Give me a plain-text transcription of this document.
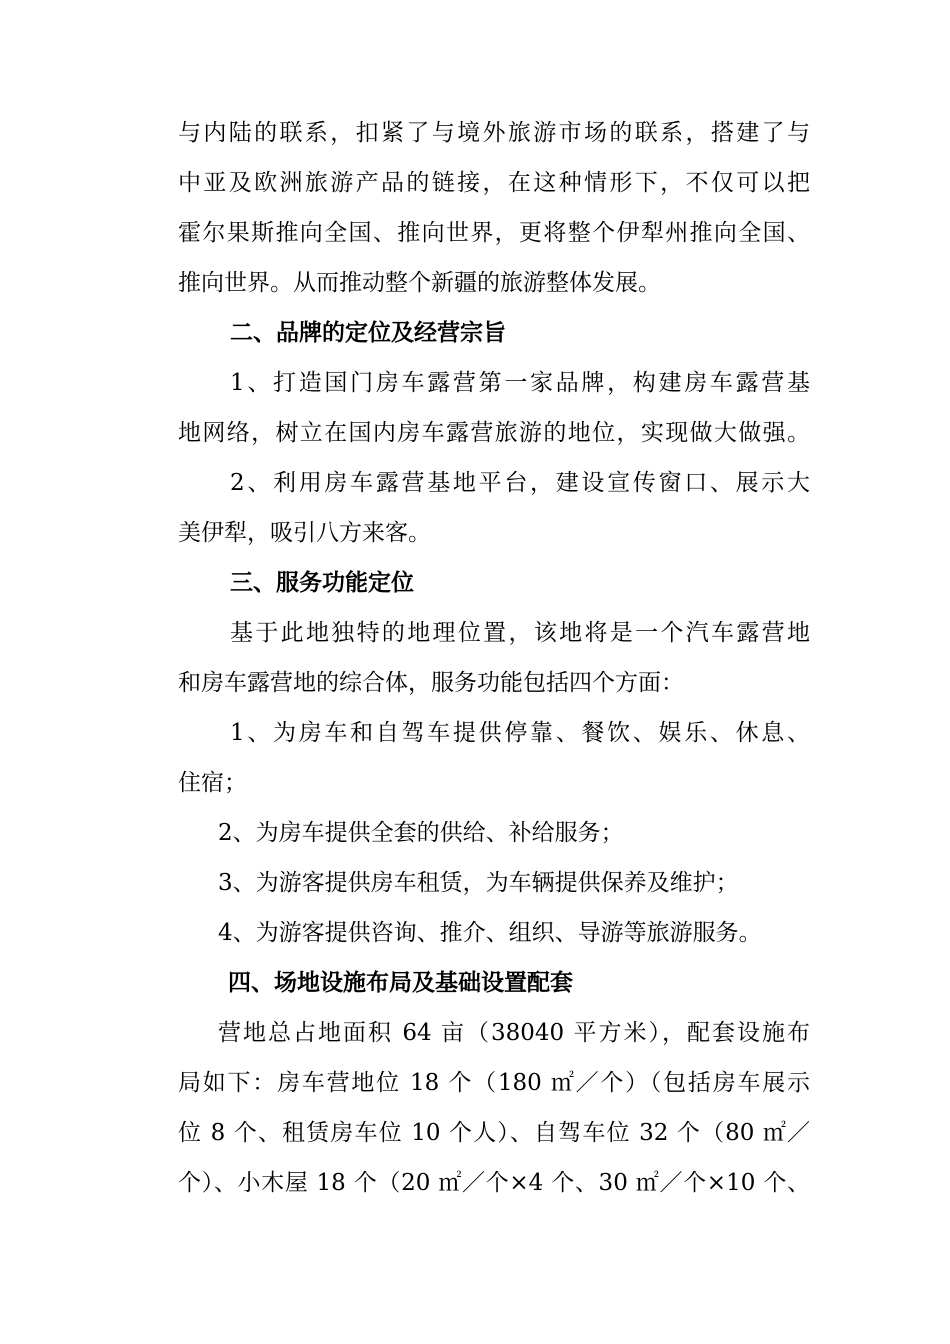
与内陆的联系，扣紧了与境外旅游市场的联系，搭建了与
中亚及欧洲旅游产品的链接，在这种情形下，不仅可以把
霍尔果斯推向全国、推向世界，更将整个伊犁州推向全国、
推向世界。从而推动整个新疆的旅游整体发展。
二、品牌的定位及经营宗旨
1、打造国门房车露营第一家品牌，构建房车露营基
地网络，树立在国内房车露营旅游的地位，实现做大做强。
2、利用房车露营基地平台，建设宣传窗口、展示大
美伊犁，吸引八方来客。
三、服务功能定位
基于此地独特的地理位置，该地将是一个汽车露营地
和房车露营地的综合体，服务功能包括四个方面：
1、为房车和自驾车提供停靠、餐饮、娱乐、休息、
住宿；
2、为房车提供全套的供给、补给服务；
3、为游客提供房车租赁，为车辆提供保养及维护；
4、为游客提供咨询、推介、组织、导游等旅游服务。
四、场地设施布局及基础设置配套
营地总占地面积 64 亩（38040 平方米），配套设施布
局如下：房车营地位 18 个（180 ㎡／个）（包括房车展示
位 8 个、租赁房车位 10 个人）、自驾车位 32 个（80 ㎡／
个）、小木屋 18 个（20 ㎡／个×4 个、30 ㎡／个×10 个、
